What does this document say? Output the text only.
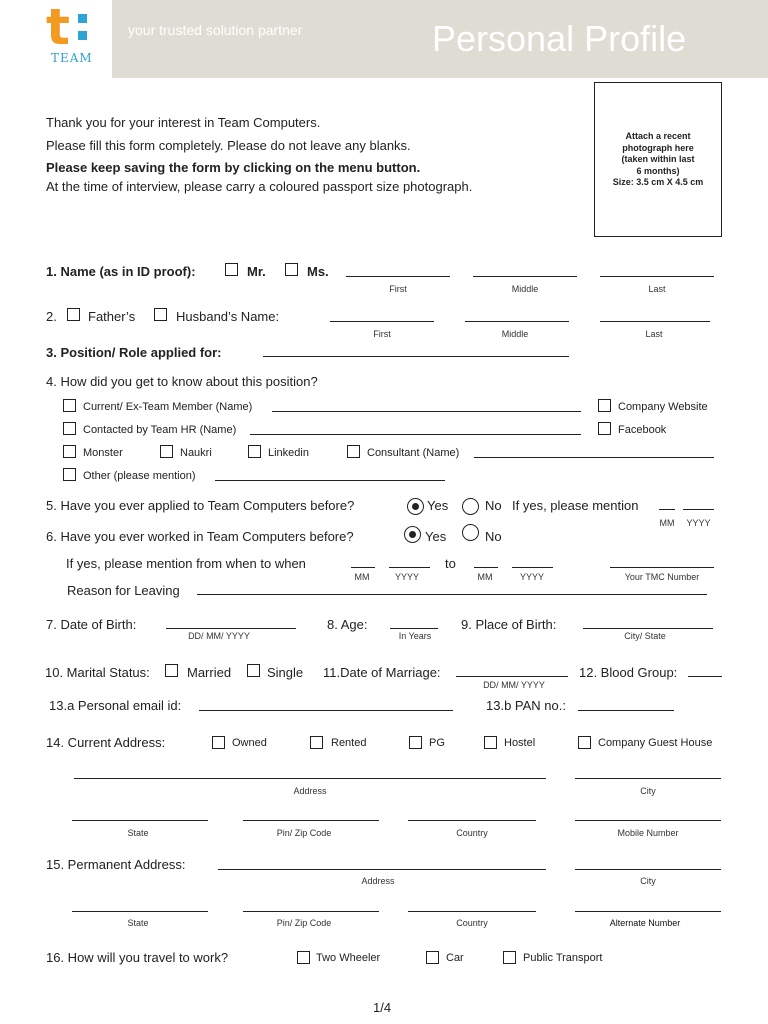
t
TEAM
your trusted solution partner	Personal Profile
Thank you for your interest in Team Computers.
Please fill this form completely. Please do not leave any blanks.
Please keep saving the form by clicking on the menu button.
At the time of interview, please carry a coloured passport size photograph.
Attach a recent
photograph here
(taken within last
6 months)
Size: 3.5 cm X 4.5 cm
1. Name (as in ID proof):	Mr.	Ms.
First	Middle	Last
2. Father’s	Husband’s Name:
First	Middle	Last
3. Position/ Role applied for:
4. How did you get to know about this position?
Current/ Ex-Team Member (Name)	Company Website
Contacted by Team HR (Name)	Facebook
Monster	Naukri	Linkedin	Consultant (Name)
Other (please mention)
5. Have you ever applied to Team Computers before?	Yes	No If yes, please mention
MM	YYYY
6. Have you ever worked in Team Computers before?	Yes	No
If yes, please mention from when to when	to
MM	YYYY	MM	YYYY	Your TMC Number
Reason for Leaving
7. Date of Birth:
DD/ MM/ YYYY
8. Age:
In Years
9. Place of Birth:
City/ State
10. Marital Status:	Married	Single 11.Date of Marriage:
DD/ MM/ YYYY
12. Blood Group:
13.a Personal email id:	13.b PAN no.:
14. Current Address:	Owned	Rented	PG	Hostel	Company Guest House
Address	City
State	Pin/ Zip Code	Country	Mobile Number
15. Permanent Address:
Address	City
State	Pin/ Zip Code	Country	Alternate Number
16. How will you travel to work?	Two Wheeler	Car	Public Transport
1/4
